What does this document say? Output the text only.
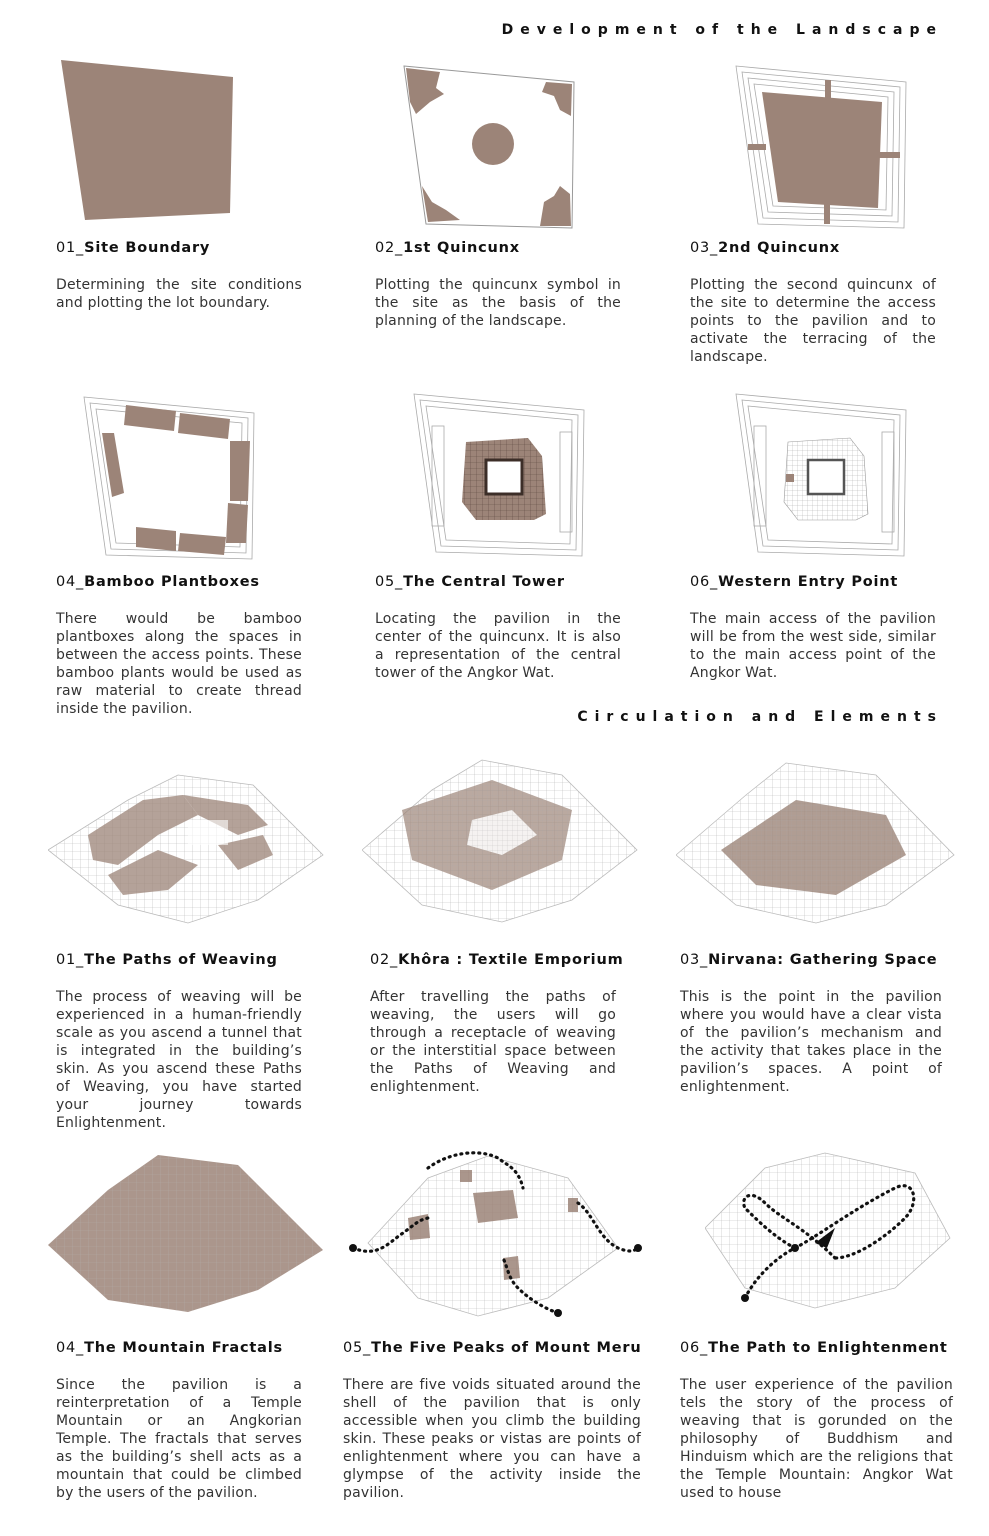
Development of the Landscape
01_Site Boundary
Determining the site conditions and plotting the lot boundary.
02_1st Quincunx
Plotting the quincunx symbol in the site as the basis of the planning of the landscape.
03_2nd Quincunx
Plotting the second quincunx of the site to determine the access points to the pavilion and to activate the terracing of the landscape.
04_Bamboo Plantboxes
There would be bamboo plantboxes along the spaces in between the access points. These bamboo plants would be used as raw material to create thread inside the pavilion.
05_The Central Tower
Locating the pavilion in the center of the quincunx. It is also a representation of the central tower of the Angkor Wat.
06_Western Entry Point
The main access of the pavilion will be from the west side, similar to the main access point of the Angkor Wat.
Circulation and Elements
01_The Paths of Weaving
The process of weaving will be experienced in a human-friendly scale as you ascend a tunnel that is integrated in the building’s skin. As you ascend these Paths of Weaving, you have started your journey towards Enlightenment.
02_Khôra : Textile Emporium
After travelling the paths of weaving, the users will go through a receptacle of weaving or the interstitial space between the Paths of Weaving and enlightenment.
03_Nirvana: Gathering Space
This is the point in the pavilion where you would have a clear vista of the pavilion’s mechanism and the activity that takes place in the pavilion’s spaces. A point of enlightenment.
04_The Mountain Fractals
Since the pavilion is a reinterpretation of a Temple Mountain or an Angkorian Temple. The fractals that serves as the building’s shell acts as a mountain that could be climbed by the users of the pavilion.
05_The Five Peaks of Mount Meru
There are five voids situated around the shell of the pavilion that is only accessible when you climb the building skin. These peaks or vistas are points of enlightenment where you can have a glympse of the activity inside the pavilion.
06_The Path to Enlightenment
The user experience of the pavilion tels the story of the process of weaving that is gorunded on the philosophy of Buddhism and Hinduism which are the religions that the Temple Mountain: Angkor Wat used to house
